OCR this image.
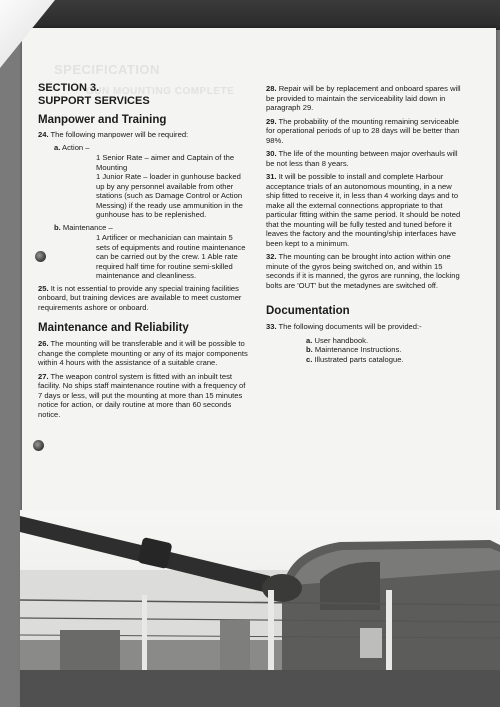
SPECIFICATION
GUN MOUNTING COMPLETE

SECTION 3.

SUPPORT SERVICES

Manpower and Training

24. The following manpower will be required:

a. Action –

1 Senior Rate – aimer and Captain of the Mounting

1 Junior Rate – loader in gunhouse backed up by any personnel available from other stations (such as Damage Control or Action Messing) if the ready use ammunition in the gunhouse has to be replenished.

b. Maintenance –

1 Artificer or mechanician can maintain 5 sets of equipments and routine maintenance can be carried out by the crew. 1 Able rate required half time for routine semi-skilled maintenance and cleanliness.

25. It is not essential to provide any special training facilities onboard, but training devices are available to meet customer requirements ashore or onboard.

Maintenance and Reliability

26. The mounting will be transferable and it will be possible to change the complete mounting or any of its major components within 4 hours with the assistance of a suitable crane.

27. The weapon control system is fitted with an inbuilt test facility. No ships staff maintenance routine with a frequency of 7 days or less, will put the mounting at more than 15 minutes notice for action, or daily routine at more than 60 seconds notice.

28. Repair will be by replacement and onboard spares will be provided to maintain the serviceability laid down in paragraph 29.

29. The probability of the mounting remaining serviceable for operational periods of up to 28 days will be better than 98%.

30. The life of the mounting between major overhauls will be not less than 8 years.

31. It will be possible to install and complete Harbour acceptance trials of an autonomous mounting, in a new ship fitted to receive it, in less than 4 working days and to make all the external connections appropriate to that particular fitting within the same period. It should be noted that the mounting will be fully tested and tuned before it leaves the factory and the mounting/ship interfaces have been kept to a minimum.

32. The mounting can be brought into action within one minute of the gyros being switched on, and within 15 seconds if it is manned, the gyros are running, the locking bolts are 'OUT' but the metadynes are switched off.

Documentation

33. The following documents will be provided:-

a. User handbook.

b. Maintenance Instructions.

c. Illustrated parts catalogue.
